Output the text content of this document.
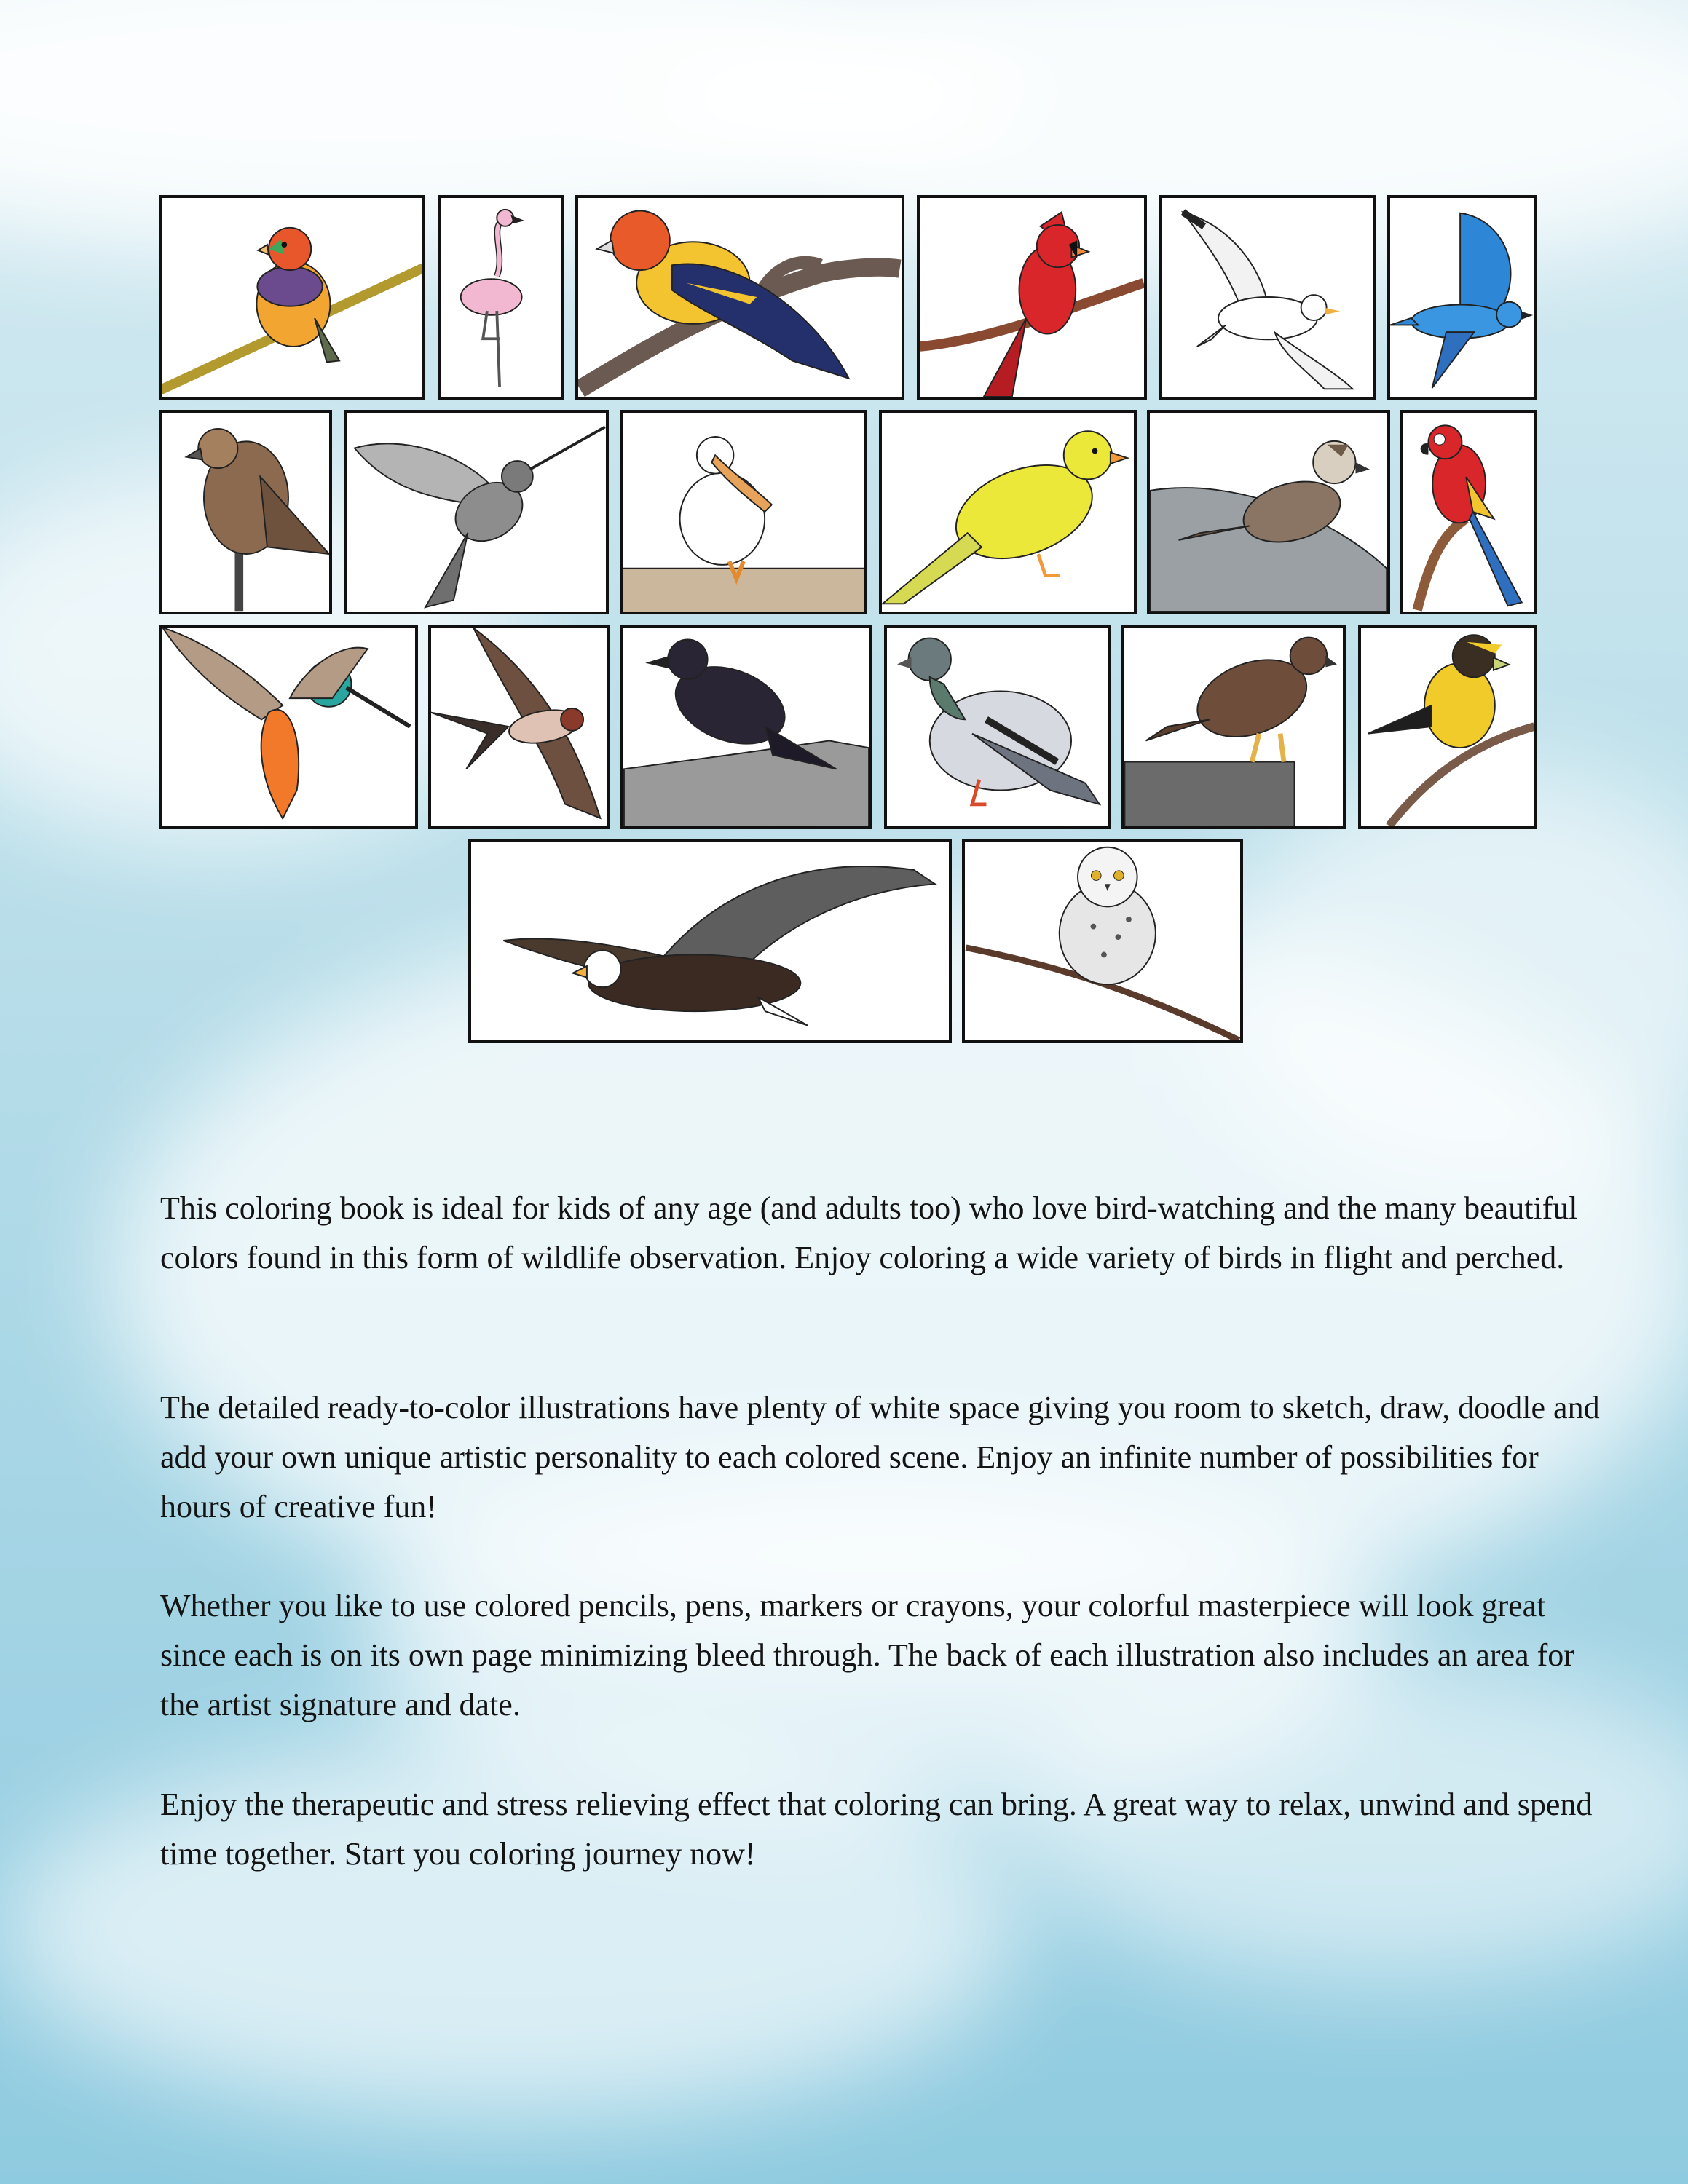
This coloring book is ideal for kids of any age (and adults too) who love bird-watching and the many beautiful colors found in this form of wildlife observation. Enjoy coloring a wide variety of birds in flight and perched.

The detailed ready-to-color illustrations have plenty of white space giving you room to sketch, draw, doodle and add your own unique artistic personality to each colored scene. Enjoy an infinite number of possibilities for hours of creative fun!

Whether you like to use colored pencils, pens, markers or crayons, your colorful masterpiece will look great since each is on its own page minimizing bleed through. The back of each illustration also includes an area for the artist signature and date.

Enjoy the therapeutic and stress relieving effect that coloring can bring. A great way to relax, unwind and spend time together. Start you coloring journey now!
